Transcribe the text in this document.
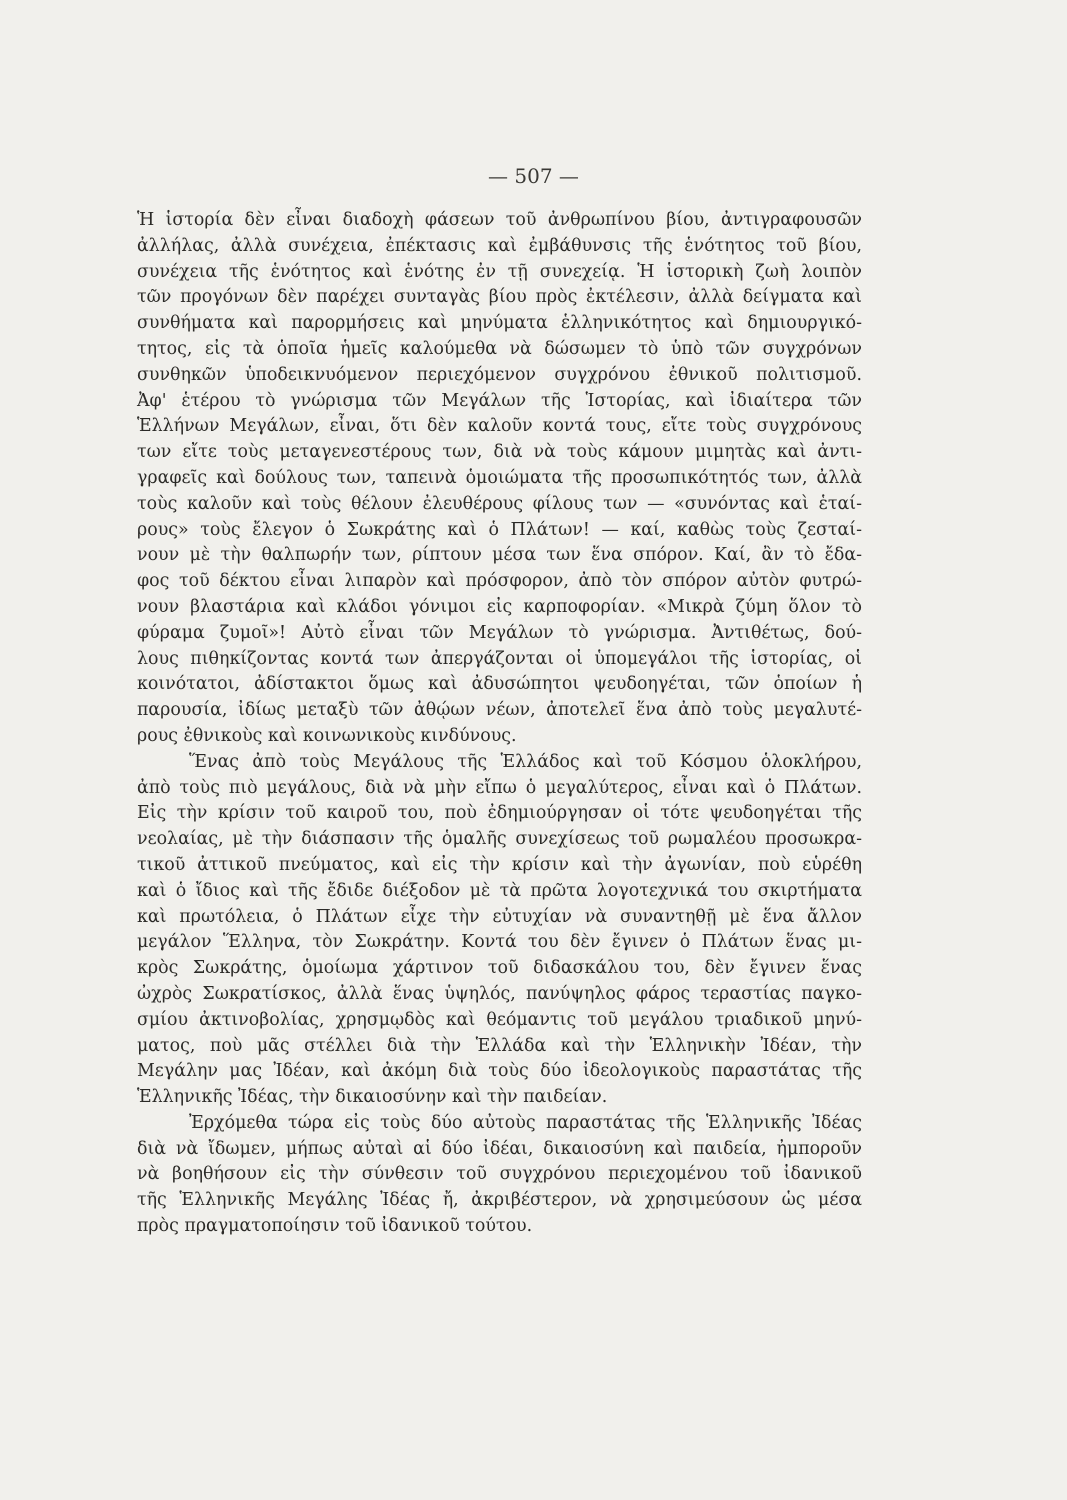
— 507 —
Ἡ ἱστορία δὲν εἶναι διαδοχὴ φάσεων τοῦ ἀνθρωπίνου βίου, ἀντιγραφουσῶν
ἀλλήλας, ἀλλὰ συνέχεια, ἐπέκτασις καὶ ἐμβάθυνσις τῆς ἑνότητος τοῦ βίου,
συνέχεια τῆς ἑνότητος καὶ ἑνότης ἐν τῇ συνεχείᾳ. Ἡ ἱστορικὴ ζωὴ λοιπὸν
τῶν προγόνων δὲν παρέχει συνταγὰς βίου πρὸς ἐκτέλεσιν, ἀλλὰ δείγματα καὶ
συνθήματα καὶ παρορμήσεις καὶ μηνύματα ἑλληνικότητος καὶ δημιουργικό-
τητος, εἰς τὰ ὁποῖα ἡμεῖς καλούμεθα νὰ δώσωμεν τὸ ὑπὸ τῶν συγχρόνων
συνθηκῶν ὑποδεικνυόμενον περιεχόμενον συγχρόνου ἐθνικοῦ πολιτισμοῦ.
Ἀφ' ἑτέρου τὸ γνώρισμα τῶν Μεγάλων τῆς Ἱστορίας, καὶ ἰδιαίτερα τῶν
Ἑλλήνων Μεγάλων, εἶναι, ὅτι δὲν καλοῦν κοντά τους, εἴτε τοὺς συγχρόνους
των εἴτε τοὺς μεταγενεστέρους των, διὰ νὰ τοὺς κάμουν μιμητὰς καὶ ἀντι-
γραφεῖς καὶ δούλους των, ταπεινὰ ὁμοιώματα τῆς προσωπικότητός των, ἀλλὰ
τοὺς καλοῦν καὶ τοὺς θέλουν ἐλευθέρους φίλους των — «συνόντας καὶ ἑταί-
ρους» τοὺς ἔλεγον ὁ Σωκράτης καὶ ὁ Πλάτων! — καί, καθὼς τοὺς ζεσταί-
νουν μὲ τὴν θαλπωρήν των, ρίπτουν μέσα των ἕνα σπόρον. Καί, ἂν τὸ ἔδα-
φος τοῦ δέκτου εἶναι λιπαρὸν καὶ πρόσφορον, ἀπὸ τὸν σπόρον αὐτὸν φυτρώ-
νουν βλαστάρια καὶ κλάδοι γόνιμοι εἰς καρποφορίαν. «Μικρὰ ζύμη ὅλον τὸ
φύραμα ζυμοῖ»! Αὐτὸ εἶναι τῶν Μεγάλων τὸ γνώρισμα. Ἀντιθέτως, δού-
λους πιθηκίζοντας κοντά των ἀπεργάζονται οἱ ὑπομεγάλοι τῆς ἱστορίας, οἱ
κοινότατοι, ἀδίστακτοι ὅμως καὶ ἀδυσώπητοι ψευδοηγέται, τῶν ὁποίων ἡ
παρουσία, ἰδίως μεταξὺ τῶν ἀθῴων νέων, ἀποτελεῖ ἕνα ἀπὸ τοὺς μεγαλυτέ-
ρους ἐθνικοὺς καὶ κοινωνικοὺς κινδύνους.
Ἕνας ἀπὸ τοὺς Μεγάλους τῆς Ἑλλάδος καὶ τοῦ Κόσμου ὁλοκλήρου,
ἀπὸ τοὺς πιὸ μεγάλους, διὰ νὰ μὴν εἴπω ὁ μεγαλύτερος, εἶναι καὶ ὁ Πλάτων.
Εἰς τὴν κρίσιν τοῦ καιροῦ του, ποὺ ἐδημιούργησαν οἱ τότε ψευδοηγέται τῆς
νεολαίας, μὲ τὴν διάσπασιν τῆς ὁμαλῆς συνεχίσεως τοῦ ρωμαλέου προσωκρα-
τικοῦ ἀττικοῦ πνεύματος, καὶ εἰς τὴν κρίσιν καὶ τὴν ἀγωνίαν, ποὺ εὑρέθη
καὶ ὁ ἴδιος καὶ τῆς ἔδιδε διέξοδον μὲ τὰ πρῶτα λογοτεχνικά του σκιρτήματα
καὶ πρωτόλεια, ὁ Πλάτων εἶχε τὴν εὐτυχίαν νὰ συναντηθῇ μὲ ἕνα ἄλλον
μεγάλον Ἕλληνα, τὸν Σωκράτην. Κοντά του δὲν ἔγινεν ὁ Πλάτων ἕνας μι-
κρὸς Σωκράτης, ὁμοίωμα χάρτινον τοῦ διδασκάλου του, δὲν ἔγινεν ἕνας
ὠχρὸς Σωκρατίσκος, ἀλλὰ ἕνας ὑψηλός, πανύψηλος φάρος τεραστίας παγκο-
σμίου ἀκτινοβολίας, χρησμῳδὸς καὶ θεόμαντις τοῦ μεγάλου τριαδικοῦ μηνύ-
ματος, ποὺ μᾶς στέλλει διὰ τὴν Ἑλλάδα καὶ τὴν Ἑλληνικὴν Ἰδέαν, τὴν
Μεγάλην μας Ἰδέαν, καὶ ἀκόμη διὰ τοὺς δύο ἰδεολογικοὺς παραστάτας τῆς
Ἑλληνικῆς Ἰδέας, τὴν δικαιοσύνην καὶ τὴν παιδείαν.
Ἐρχόμεθα τώρα εἰς τοὺς δύο αὐτοὺς παραστάτας τῆς Ἑλληνικῆς Ἰδέας
διὰ νὰ ἴδωμεν, μήπως αὐταὶ αἱ δύο ἰδέαι, δικαιοσύνη καὶ παιδεία, ἠμποροῦν
νὰ βοηθήσουν εἰς τὴν σύνθεσιν τοῦ συγχρόνου περιεχομένου τοῦ ἰδανικοῦ
τῆς Ἑλληνικῆς Μεγάλης Ἰδέας ἤ, ἀκριβέστερον, νὰ χρησιμεύσουν ὡς μέσα
πρὸς πραγματοποίησιν τοῦ ἰδανικοῦ τούτου.
